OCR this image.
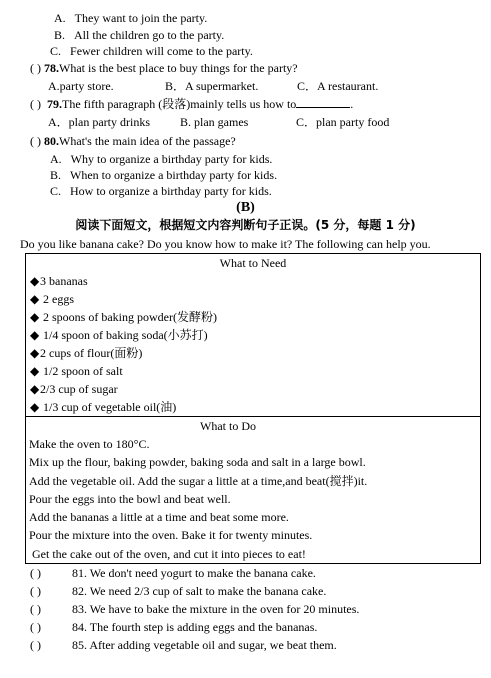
A. They want to join the party.
B. All the children go to the party.
C. Fewer children will come to the party.
( ) 78.What is the best place to buy things for the party?
A.party store.	B．A supermarket.	C．A restaurant.
( ) 79.The fifth paragraph (段落)mainly tells us how to	.
A．plan party drinks	B. plan games	C．plan party food
( ) 80.What's the main idea of the passage?
A. Why to organize a birthday party for kids.
B. When to organize a birthday party for kids.
C. How to organize a birthday party for kids.
(B)
阅读下面短文，根据短文内容判断句子正误。(5 分，每题 1 分)
Do you like banana cake? Do you know how to make it? The following can help you.
What to Need
◆3 bananas
◆ 2 eggs
◆ 2 spoons of baking powder(发酵粉)
◆ 1/4 spoon of baking soda(小苏打)
◆2 cups of flour(面粉)
◆ 1/2 spoon of salt
◆2/3 cup of sugar
◆ 1/3 cup of vegetable oil(油)

What to Do
Make the oven to 180°C.
Mix up the flour, baking powder, baking soda and salt in a large bowl.
Add the vegetable oil. Add the sugar a little at a time,and beat(搅拌)it.
Pour the eggs into the bowl and beat well.
Add the bananas a little at a time and beat some more.
Pour the mixture into the oven. Bake it for twenty minutes.
Get the cake out of the oven, and cut it into pieces to eat!
( )	81. We don't need yogurt to make the banana cake.
( )	82. We need 2/3 cup of salt to make the banana cake.
( )	83. We have to bake the mixture in the oven for 20 minutes.
( )	84. The fourth step is adding eggs and the bananas.
( )	85. After adding vegetable oil and sugar, we beat them.
